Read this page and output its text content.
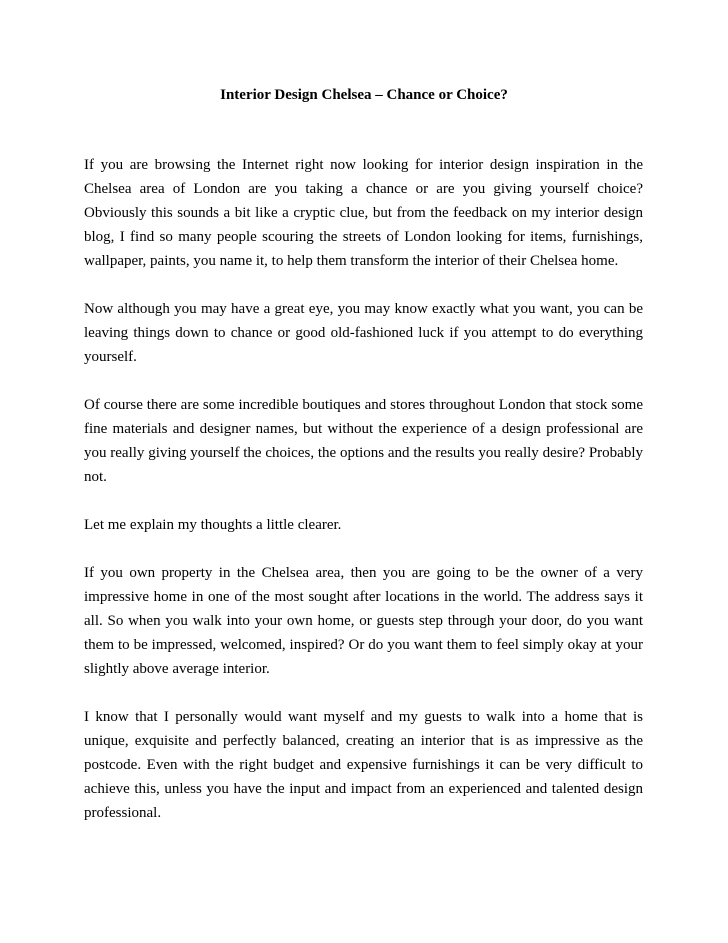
Interior Design Chelsea – Chance or Choice?

If you are browsing the Internet right now looking for interior design inspiration in the Chelsea area of London are you taking a chance or are you giving yourself choice? Obviously this sounds a bit like a cryptic clue, but from the feedback on my interior design blog, I find so many people scouring the streets of London looking for items, furnishings, wallpaper, paints, you name it, to help them transform the interior of their Chelsea home.

Now although you may have a great eye, you may know exactly what you want, you can be leaving things down to chance or good old-fashioned luck if you attempt to do everything yourself.

Of course there are some incredible boutiques and stores throughout London that stock some fine materials and designer names, but without the experience of a design professional are you really giving yourself the choices, the options and the results you really desire? Probably not.

Let me explain my thoughts a little clearer.

If you own property in the Chelsea area, then you are going to be the owner of a very impressive home in one of the most sought after locations in the world. The address says it all. So when you walk into your own home, or guests step through your door, do you want them to be impressed, welcomed, inspired? Or do you want them to feel simply okay at your slightly above average interior.

I know that I personally would want myself and my guests to walk into a home that is unique, exquisite and perfectly balanced, creating an interior that is as impressive as the postcode. Even with the right budget and expensive furnishings it can be very difficult to achieve this, unless you have the input and impact from an experienced and talented design professional.
